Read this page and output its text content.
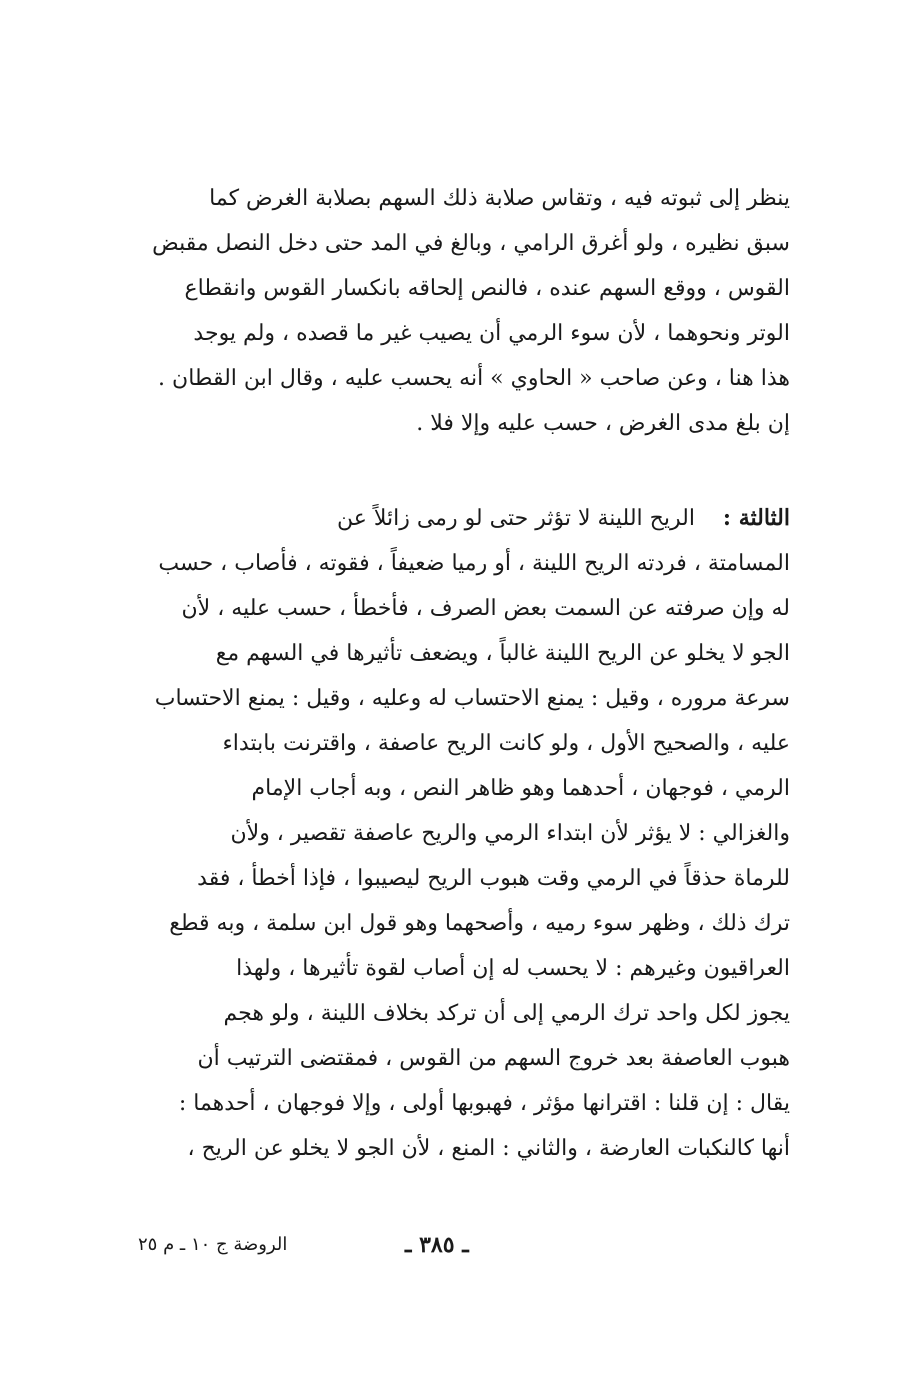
ينظر إلى ثبوته فيه ، وتقاس صلابة ذلك السهم بصلابة الغرض كما
سبق نظيره ، ولو أغرق الرامي ، وبالغ في المد حتى دخل النصل مقبض
القوس ، ووقع السهم عنده ، فالنص إلحاقه بانكسار القوس وانقطاع
الوتر ونحوهما ، لأن سوء الرمي أن يصيب غير ما قصده ، ولم يوجد
هذا هنا ، وعن صاحب « الحاوي » أنه يحسب عليه ، وقال ابن القطان .
إن بلغ مدى الغرض ، حسب عليه وإلا فلا .
الثالثة :    الريح اللينة لا تؤثر حتى لو رمى زائلاً عن
المسامتة ، فردته الريح اللينة ، أو رميا ضعيفاً ، فقوته ، فأصاب ، حسب
له وإن صرفته عن السمت بعض الصرف ، فأخطأ ، حسب عليه ، لأن
الجو لا يخلو عن الريح اللينة غالباً ، ويضعف تأثيرها في السهم مع
سرعة مروره ، وقيل : يمنع الاحتساب له وعليه ، وقيل : يمنع الاحتساب
عليه ، والصحيح الأول ، ولو كانت الريح عاصفة ، واقترنت بابتداء
الرمي ، فوجهان ، أحدهما وهو ظاهر النص ، وبه أجاب الإمام
والغزالي : لا يؤثر لأن ابتداء الرمي والريح عاصفة تقصير ، ولأن
للرماة حذقاً في الرمي وقت هبوب الريح ليصيبوا ، فإذا أخطأ ، فقد
ترك ذلك ، وظهر سوء رميه ، وأصحهما وهو قول ابن سلمة ، وبه قطع
العراقيون وغيرهم : لا يحسب له إن أصاب لقوة تأثيرها ، ولهذا
يجوز لكل واحد ترك الرمي إلى أن تركد بخلاف اللينة ، ولو هجم
هبوب العاصفة بعد خروج السهم من القوس ، فمقتضى الترتيب أن
يقال : إن قلنا : اقترانها مؤثر ، فهبوبها أولى ، وإلا فوجهان ، أحدهما :
أنها كالنكبات العارضة ، والثاني : المنع ، لأن الجو لا يخلو عن الريح ،
ـ ٣٨٥ ـ
الروضة ج ١٠ ـ م ٢٥
